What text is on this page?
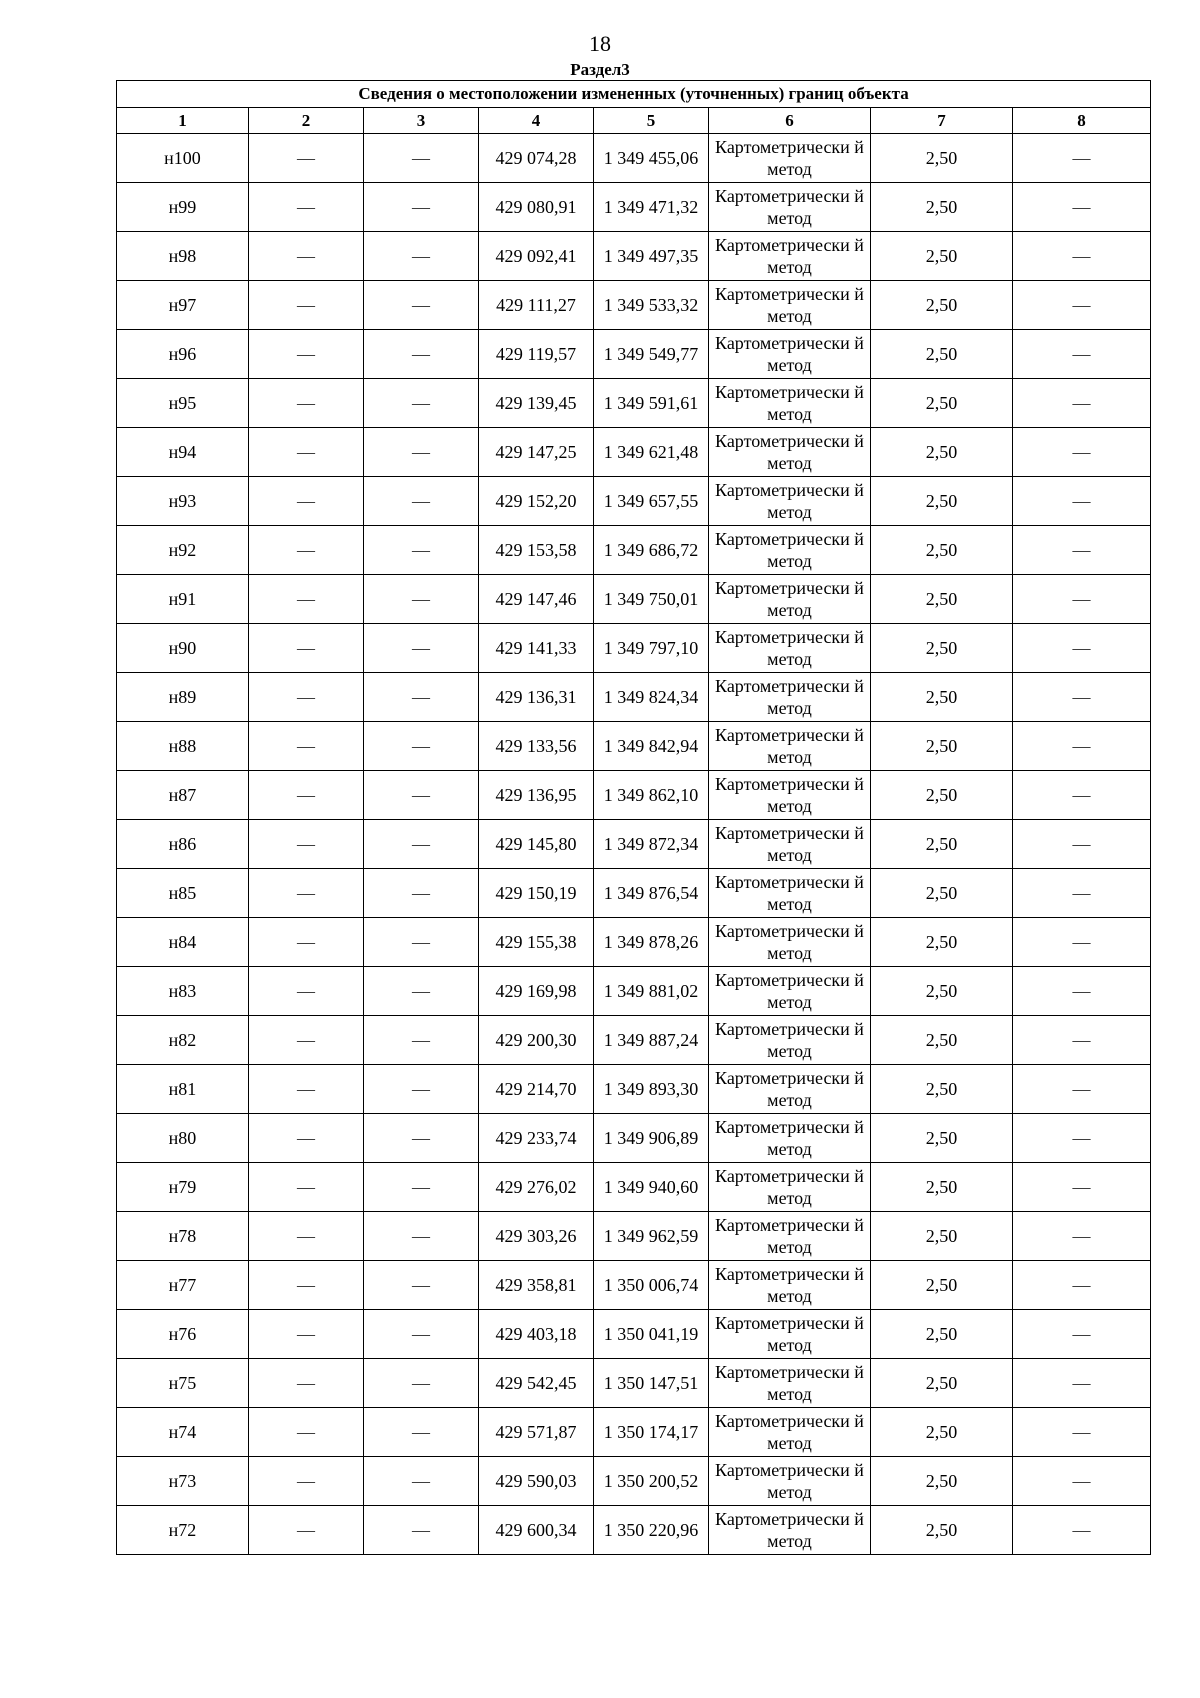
18
Раздел3
Сведения о местоположении измененных (уточненных) границ объекта							
1	2	3	4	5	6	7	8
н100	—	—	429 074,28	1 349 455,06	Картометрически й метод	2,50	—
н99	—	—	429 080,91	1 349 471,32	Картометрически й метод	2,50	—
н98	—	—	429 092,41	1 349 497,35	Картометрически й метод	2,50	—
н97	—	—	429 111,27	1 349 533,32	Картометрически й метод	2,50	—
н96	—	—	429 119,57	1 349 549,77	Картометрически й метод	2,50	—
н95	—	—	429 139,45	1 349 591,61	Картометрически й метод	2,50	—
н94	—	—	429 147,25	1 349 621,48	Картометрически й метод	2,50	—
н93	—	—	429 152,20	1 349 657,55	Картометрически й метод	2,50	—
н92	—	—	429 153,58	1 349 686,72	Картометрически й метод	2,50	—
н91	—	—	429 147,46	1 349 750,01	Картометрически й метод	2,50	—
н90	—	—	429 141,33	1 349 797,10	Картометрически й метод	2,50	—
н89	—	—	429 136,31	1 349 824,34	Картометрически й метод	2,50	—
н88	—	—	429 133,56	1 349 842,94	Картометрически й метод	2,50	—
н87	—	—	429 136,95	1 349 862,10	Картометрически й метод	2,50	—
н86	—	—	429 145,80	1 349 872,34	Картометрически й метод	2,50	—
н85	—	—	429 150,19	1 349 876,54	Картометрически й метод	2,50	—
н84	—	—	429 155,38	1 349 878,26	Картометрически й метод	2,50	—
н83	—	—	429 169,98	1 349 881,02	Картометрически й метод	2,50	—
н82	—	—	429 200,30	1 349 887,24	Картометрически й метод	2,50	—
н81	—	—	429 214,70	1 349 893,30	Картометрически й метод	2,50	—
н80	—	—	429 233,74	1 349 906,89	Картометрически й метод	2,50	—
н79	—	—	429 276,02	1 349 940,60	Картометрически й метод	2,50	—
н78	—	—	429 303,26	1 349 962,59	Картометрически й метод	2,50	—
н77	—	—	429 358,81	1 350 006,74	Картометрически й метод	2,50	—
н76	—	—	429 403,18	1 350 041,19	Картометрически й метод	2,50	—
н75	—	—	429 542,45	1 350 147,51	Картометрически й метод	2,50	—
н74	—	—	429 571,87	1 350 174,17	Картометрически й метод	2,50	—
н73	—	—	429 590,03	1 350 200,52	Картометрически й метод	2,50	—
н72	—	—	429 600,34	1 350 220,96	Картометрически й метод	2,50	—
